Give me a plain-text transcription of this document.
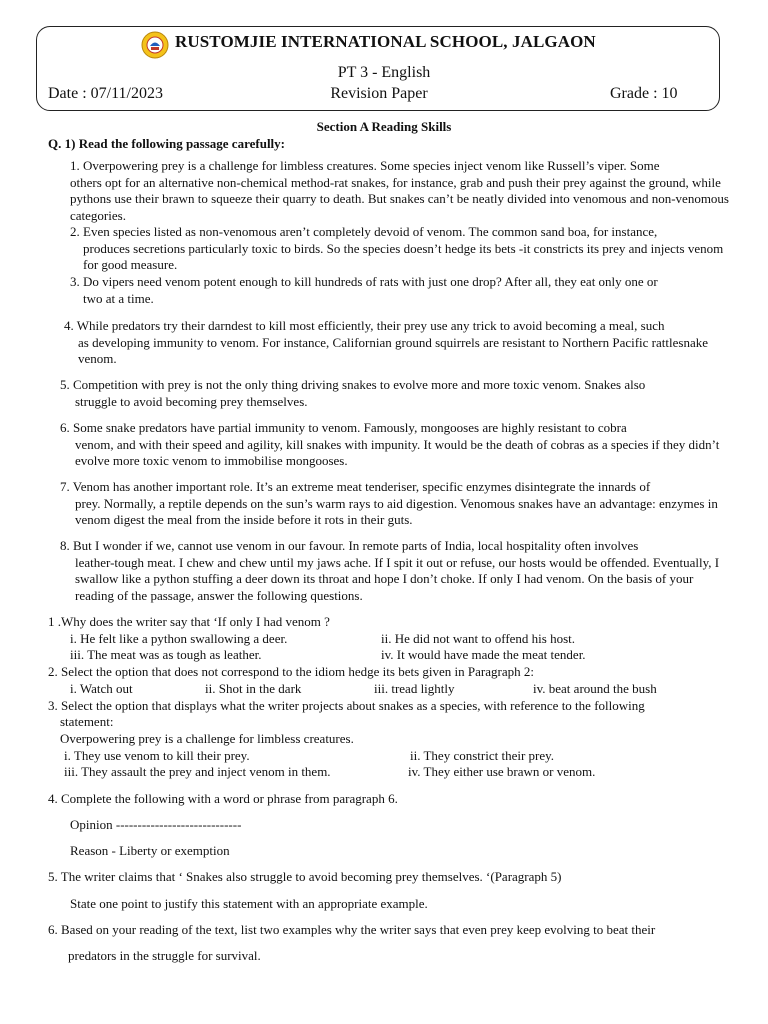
RUSTOMJIE INTERNATIONAL SCHOOL, JALGAON
PT 3 - English
Date : 07/11/2023	Revision Paper	Grade : 10
Section A Reading Skills
Q. 1) Read the following passage carefully:

1. Overpowering prey is a challenge for limbless creatures. Some species inject venom like Russell’s viper. Some

others opt for an alternative non-chemical method-rat snakes, for instance, grab and push their prey against the ground, while pythons use their brawn to squeeze their quarry to death. But snakes can’t be neatly divided into venomous and non-venomous categories.

2. Even species listed as non-venomous aren’t completely devoid of venom. The common sand boa, for instance,

produces secretions particularly toxic to birds. So the species doesn’t hedge its bets -it constricts its prey and injects venom for good measure.

3. Do vipers need venom potent enough to kill hundreds of rats with just one drop? After all, they eat only one or

two at a time.

4. While predators try their darndest to kill most efficiently, their prey use any trick to avoid becoming a meal, such

as developing immunity to venom. For instance, Californian ground squirrels are resistant to Northern Pacific rattlesnake venom.

5. Competition with prey is not the only thing driving snakes to evolve more and more toxic venom. Snakes also

struggle to avoid becoming prey themselves.

6. Some snake predators have partial immunity to venom. Famously, mongooses are highly resistant to cobra

venom, and with their speed and agility, kill snakes with impunity. It would be the death of cobras as a species if they didn’t evolve more toxic venom to immobilise mongooses.

7. Venom has another important role. It’s an extreme meat tenderiser, specific enzymes disintegrate the innards of

prey. Normally, a reptile depends on the sun’s warm rays to aid digestion. Venomous snakes have an advantage: enzymes in venom digest the meal from the inside before it rots in their guts.

8. But I wonder if we, cannot use venom in our favour. In remote parts of India, local hospitality often involves

leather-tough meat. I chew and chew until my jaws ache. If I spit it out or refuse, our hosts would be offended. Eventually, I swallow like a python stuffing a deer down its throat and hope I don’t choke. If only I had venom. On the basis of your reading of the passage, answer the following questions.

1 .Why does the writer say that ‘If only I had venom ?
i. He felt like a python swallowing a deer.	ii. He did not want to offend his host.
iii. The meat was as tough as leather.	iv. It would have made the meat tender.
2. Select the option that does not correspond to the idiom hedge its bets given in Paragraph 2:
i. Watch out	ii. Shot in the dark	iii. tread lightly	iv. beat around the bush
3. Select the option that displays what the writer projects about snakes as a species, with reference to the following
statement:
Overpowering prey is a challenge for limbless creatures.
i. They use venom to kill their prey.	ii. They constrict their prey.
iii. They assault the prey and inject venom in them.	iv. They either use brawn or venom.
4. Complete the following with a word or phrase from paragraph 6.
Opinion -----------------------------
Reason - Liberty or exemption
5. The writer claims that ‘ Snakes also struggle to avoid becoming prey themselves. ‘(Paragraph 5)
State one point to justify this statement with an appropriate example.
6. Based on your reading of the text, list two examples why the writer says that even prey keep evolving to beat their
predators in the struggle for survival.
